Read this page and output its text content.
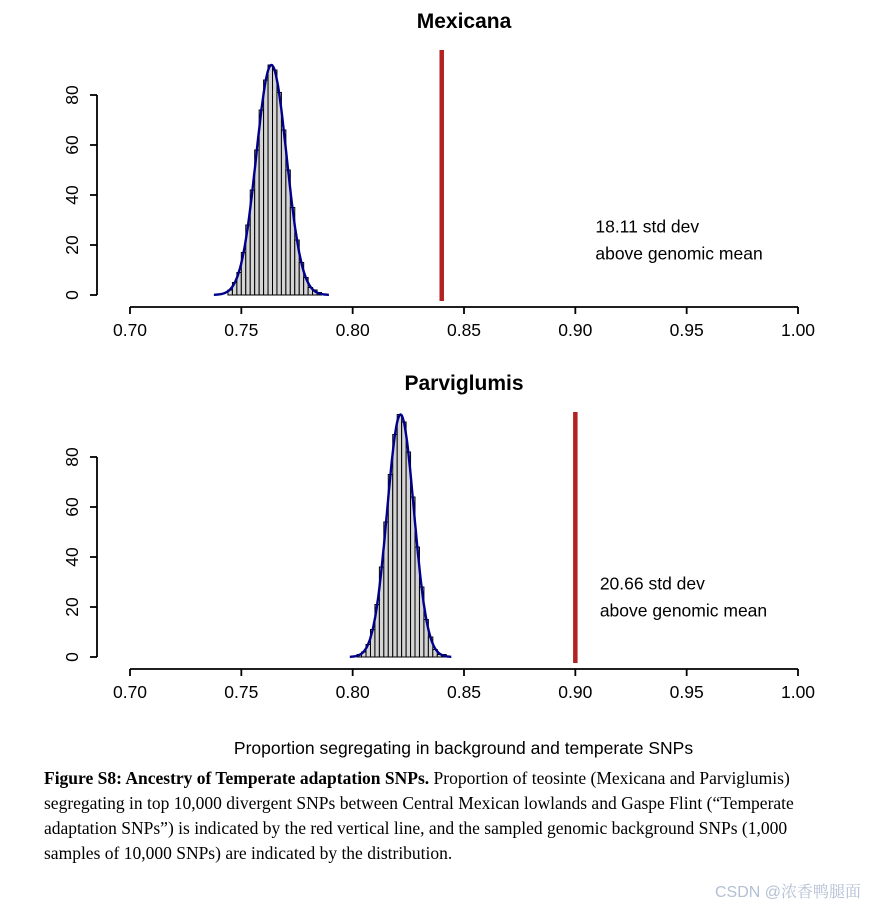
Mexicana
0.70	0.75	0.80	0.85	0.90	0.95	1.00
0
20
40
60
80
18.11 std dev
above genomic mean
Parviglumis
0.70	0.75	0.80	0.85	0.90	0.95	1.00
0
20
40
60
80
20.66 std dev
above genomic mean
Proportion segregating in background and temperate SNPs

Figure S8: Ancestry of Temperate adaptation SNPs. Proportion of teosinte (Mexicana and Parviglumis) segregating in top 10,000 divergent SNPs between Central Mexican lowlands and Gaspe Flint (“Temperate adaptation SNPs”) is indicated by the red vertical line, and the sampled genomic background SNPs (1,000 samples of 10,000 SNPs) are indicated by the distribution.

CSDN @浓香鸭腿面
